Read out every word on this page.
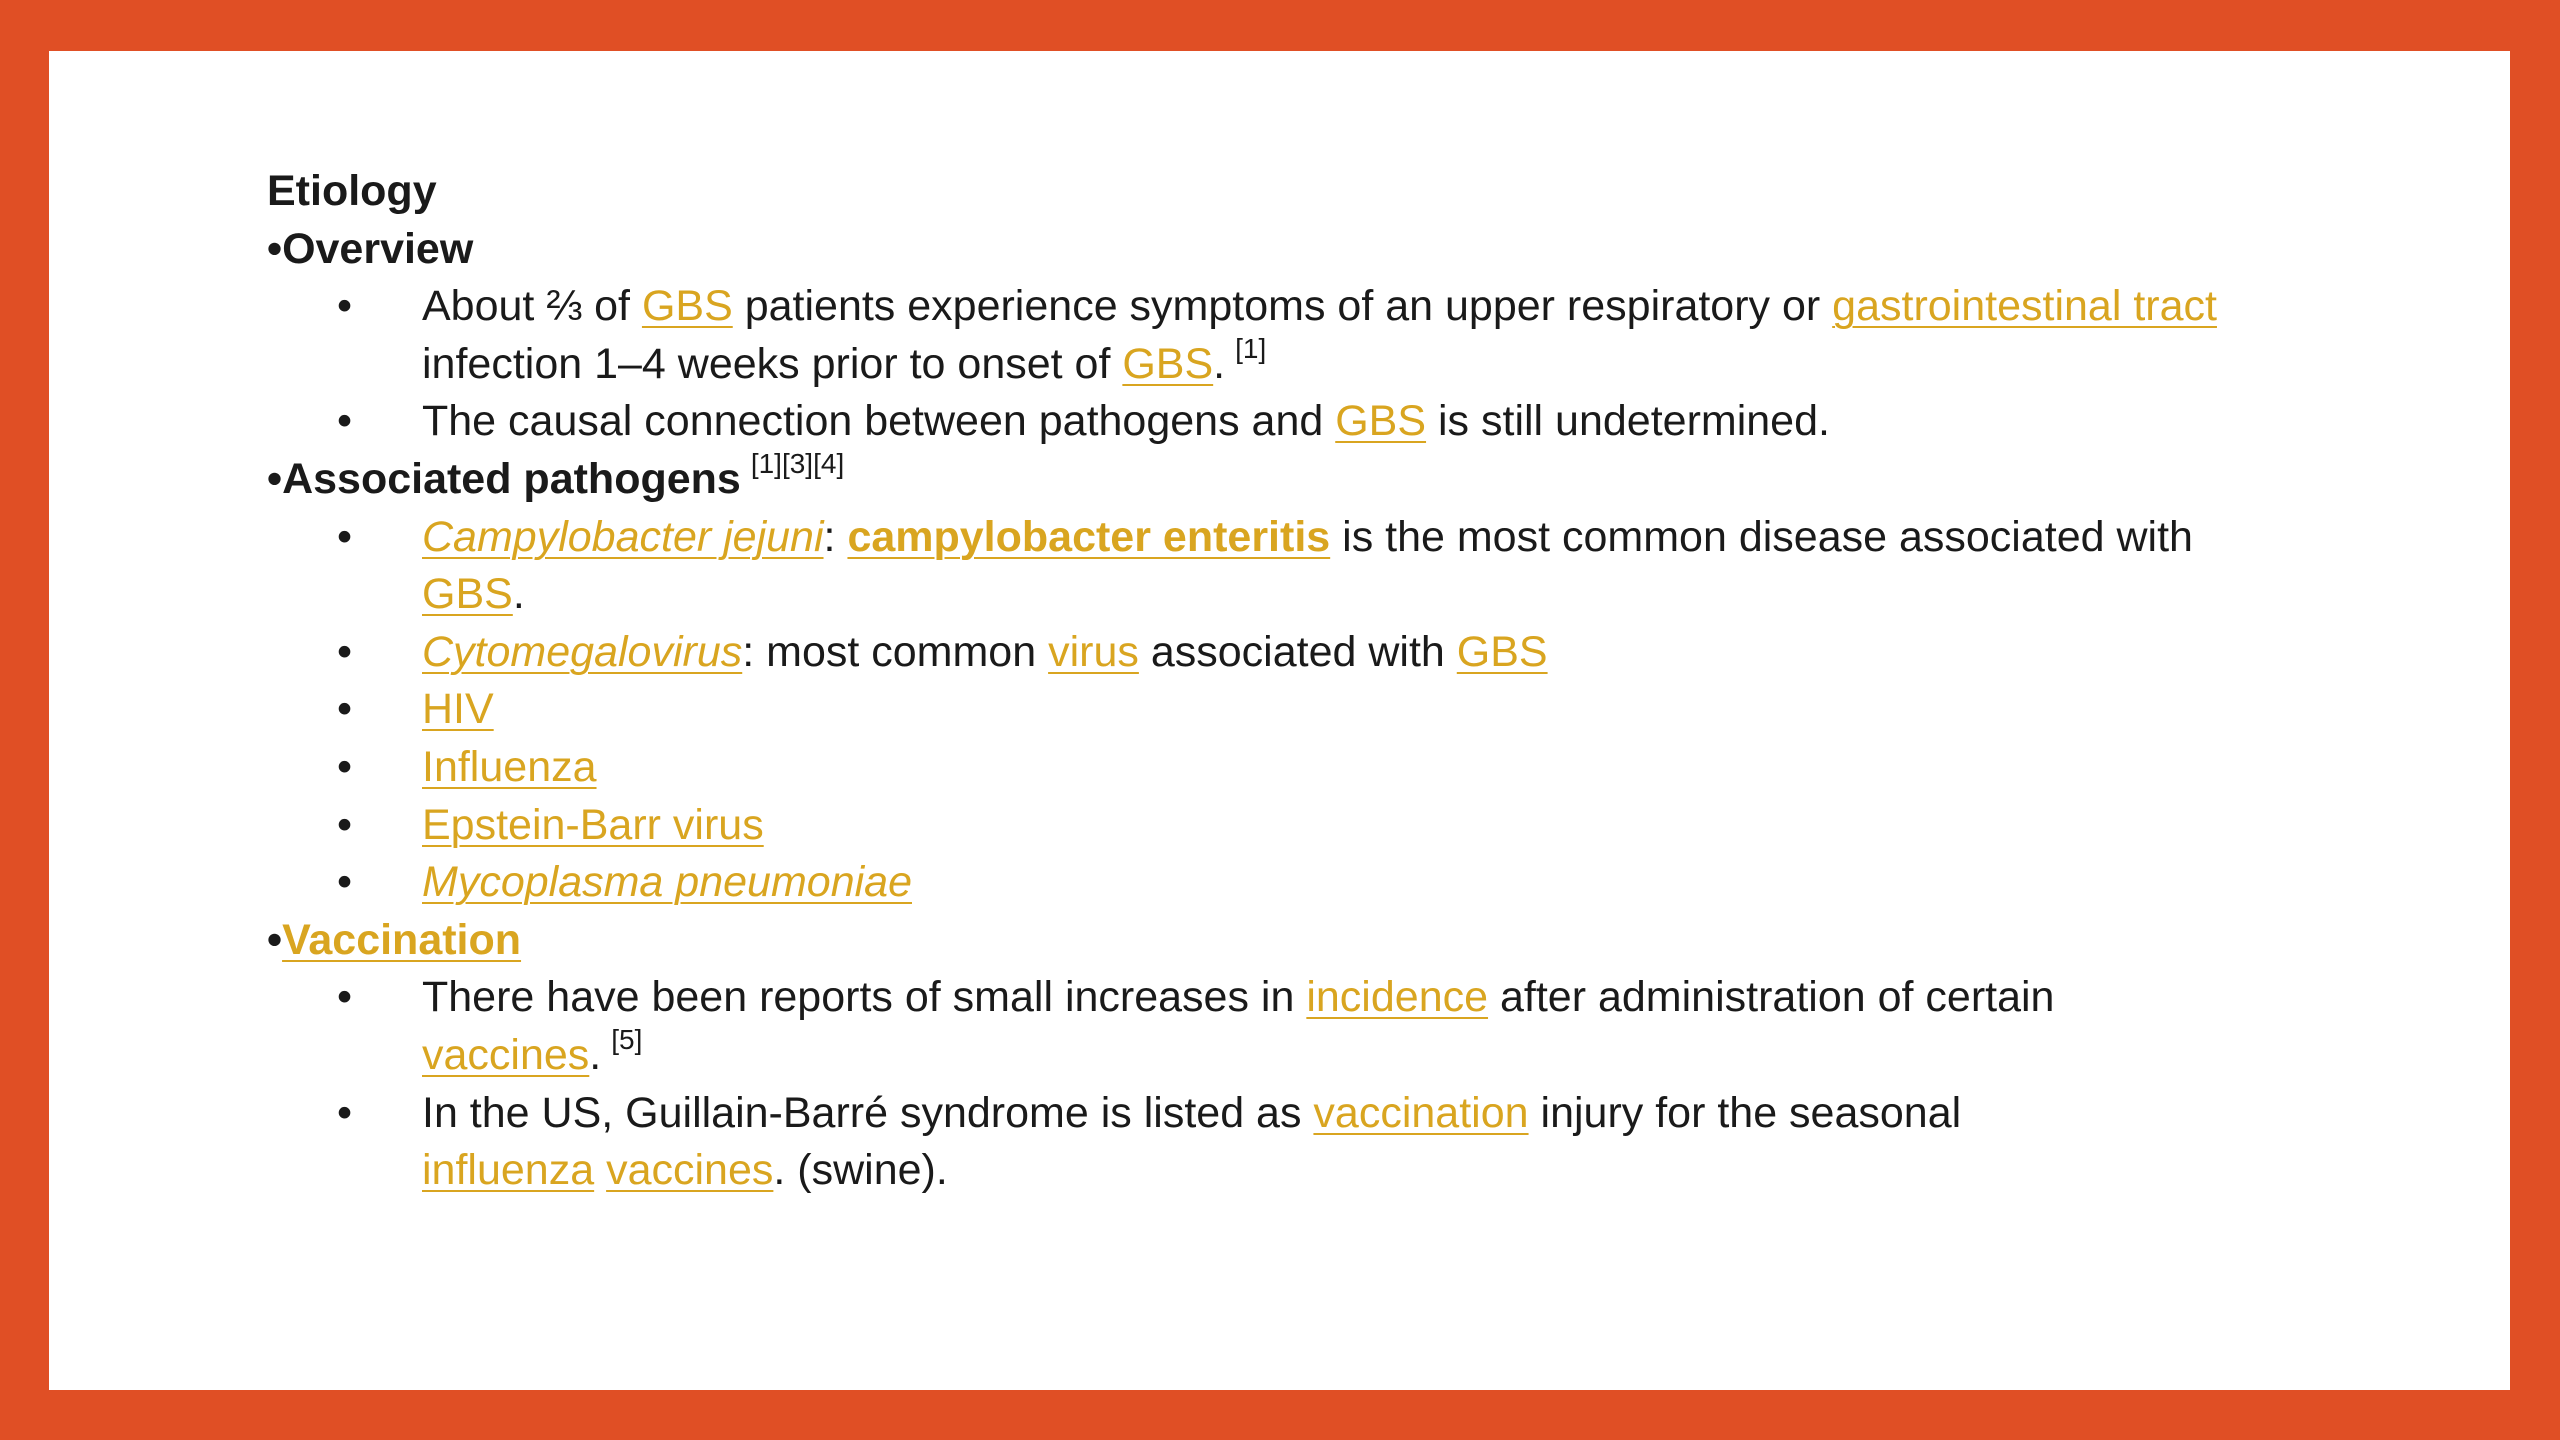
Etiology
•Overview
•
About ⅔ of GBS patients experience symptoms of an upper respiratory or gastrointestinal tract infection 1–4 weeks prior to onset of GBS. [1]
•
The causal connection between pathogens and GBS is still undetermined.
•Associated pathogens [1][3][4]
•
Campylobacter jejuni: campylobacter enteritis is the most common disease associated with GBS.
•
Cytomegalovirus: most common virus associated with GBS
•
HIV
•
Influenza
•
Epstein-Barr virus
•
Mycoplasma pneumoniae
•Vaccination
•
There have been reports of small increases in incidence after administration of certain vaccines. [5]
•
In the US, Guillain-Barré syndrome is listed as vaccination injury for the seasonal influenza vaccines. (swine).
